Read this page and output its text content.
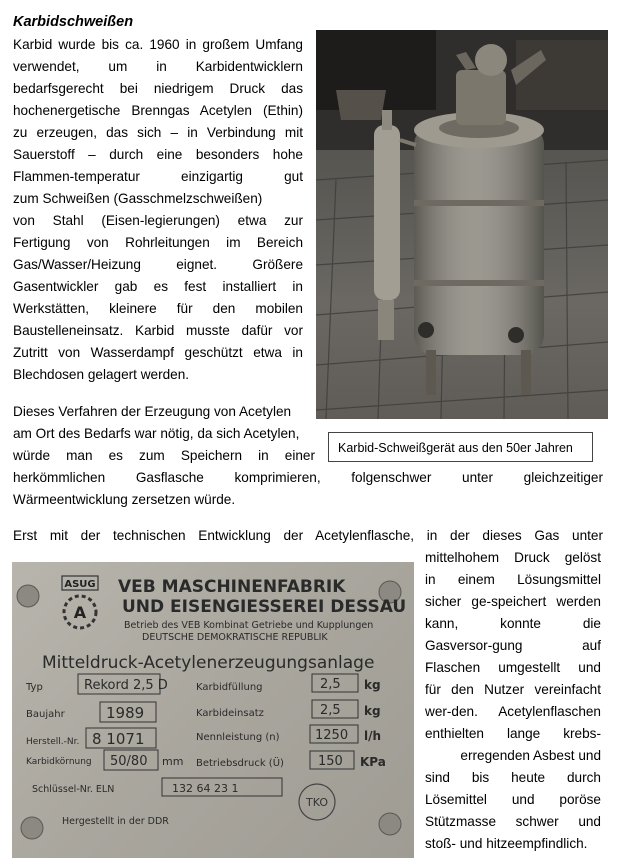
Karbidschweißen
Karbid wurde bis ca. 1960 in großem Umfang
verwendet, um in Karbidentwicklern
bedarfsgerecht bei niedrigem Druck das
hochenergetische Brenngas Acetylen (Ethin)
zu erzeugen, das sich – in Verbindung mit
Sauerstoff – durch eine besonders hohe
Flammen-temperatur einzigartig gut
zum Schweißen (Gasschmelzschweißen)
von Stahl (Eisen-legierungen) etwa zur
Fertigung von Rohrleitungen im Bereich
Gas/Wasser/Heizung eignet. Größere
Gasentwickler gab es fest installiert in
Werkstätten, kleinere für den mobilen
Baustelleneinsatz. Karbid musste dafür vor
Zutritt von Wasserdampf geschützt etwa in
Blechdosen gelagert werden.
Karbid-Schweißgerät aus den 50er Jahren
Dieses Verfahren der Erzeugung von Acetylen
am Ort des Bedarfs war nötig, da sich Acetylen,
würde man es zum Speichern in einer
herkömmlichen Gasflasche komprimieren, folgenschwer unter gleichzeitiger
Wärmeentwicklung zersetzen würde.
Erst mit der technischen Entwicklung der Acetylenflasche, in der dieses Gas unter
mittelhohem Druck gelöst
in einem Lösungsmittel
sicher ge-speichert werden
kann, konnte die
Gasversor-gung auf
Flaschen umgestellt und
für den Nutzer vereinfacht
wer-den. Acetylenflaschen
enthielten lange krebs-
erregenden Asbest und
sind bis heute durch
Lösemittel und poröse
Stützmasse schwer und
stoß- und hitzeempfindlich.
ASUG
A
VEB MASCHINENFABRIK
UND EISENGIESSEREI DESSAU
Betrieb des VEB Kombinat Getriebe und Kupplungen
DEUTSCHE DEMOKRATISCHE REPUBLIK
Mitteldruck-Acetylenerzeugungsanlage
Typ	Rekord 2,5 D
Baujahr	1989
Herstell.-Nr. 8 1071
Karbidkörnung 50/80 mm
Karbidfüllung	2,5 kg
Karbideinsatz	2,5 kg
Nennleistung (n)	1250 l/h
Betriebsdruck (Ü)	150 KPa
Schlüssel-Nr. ELN	132 64 23 1
TKO
Hergestellt in der DDR
